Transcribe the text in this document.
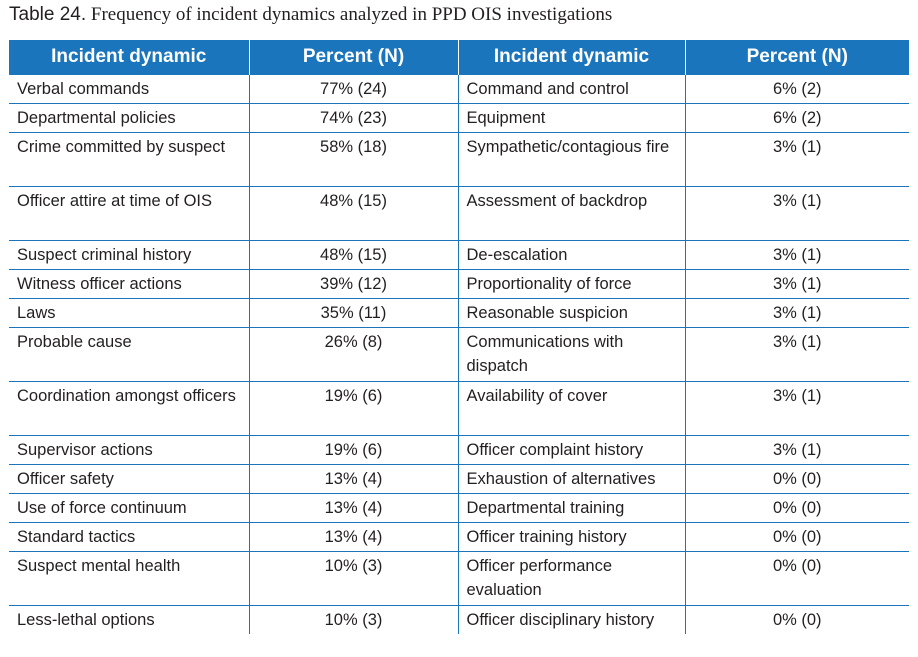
Table 24. Frequency of incident dynamics analyzed in PPD OIS investigations
Incident dynamic	Percent (N)	Incident dynamic	Percent (N)
Verbal commands	77% (24)	Command and control	6% (2)
Departmental policies	74% (23)	Equipment	6% (2)
Crime committed by suspect	58% (18)	Sympathetic/contagious fire	3% (1)
Officer attire at time of OIS	48% (15)	Assessment of backdrop	3% (1)
Suspect criminal history	48% (15)	De-escalation	3% (1)
Witness officer actions	39% (12)	Proportionality of force	3% (1)
Laws	35% (11)	Reasonable suspicion	3% (1)
Probable cause	26% (8)	Communications with dispatch	3% (1)
Coordination amongst officers	19% (6)	Availability of cover	3% (1)
Supervisor actions	19% (6)	Officer complaint history	3% (1)
Officer safety	13% (4)	Exhaustion of alternatives	0% (0)
Use of force continuum	13% (4)	Departmental training	0% (0)
Standard tactics	13% (4)	Officer training history	0% (0)
Suspect mental health	10% (3)	Officer performance evaluation	0% (0)
Less-lethal options	10% (3)	Officer disciplinary history	0% (0)
